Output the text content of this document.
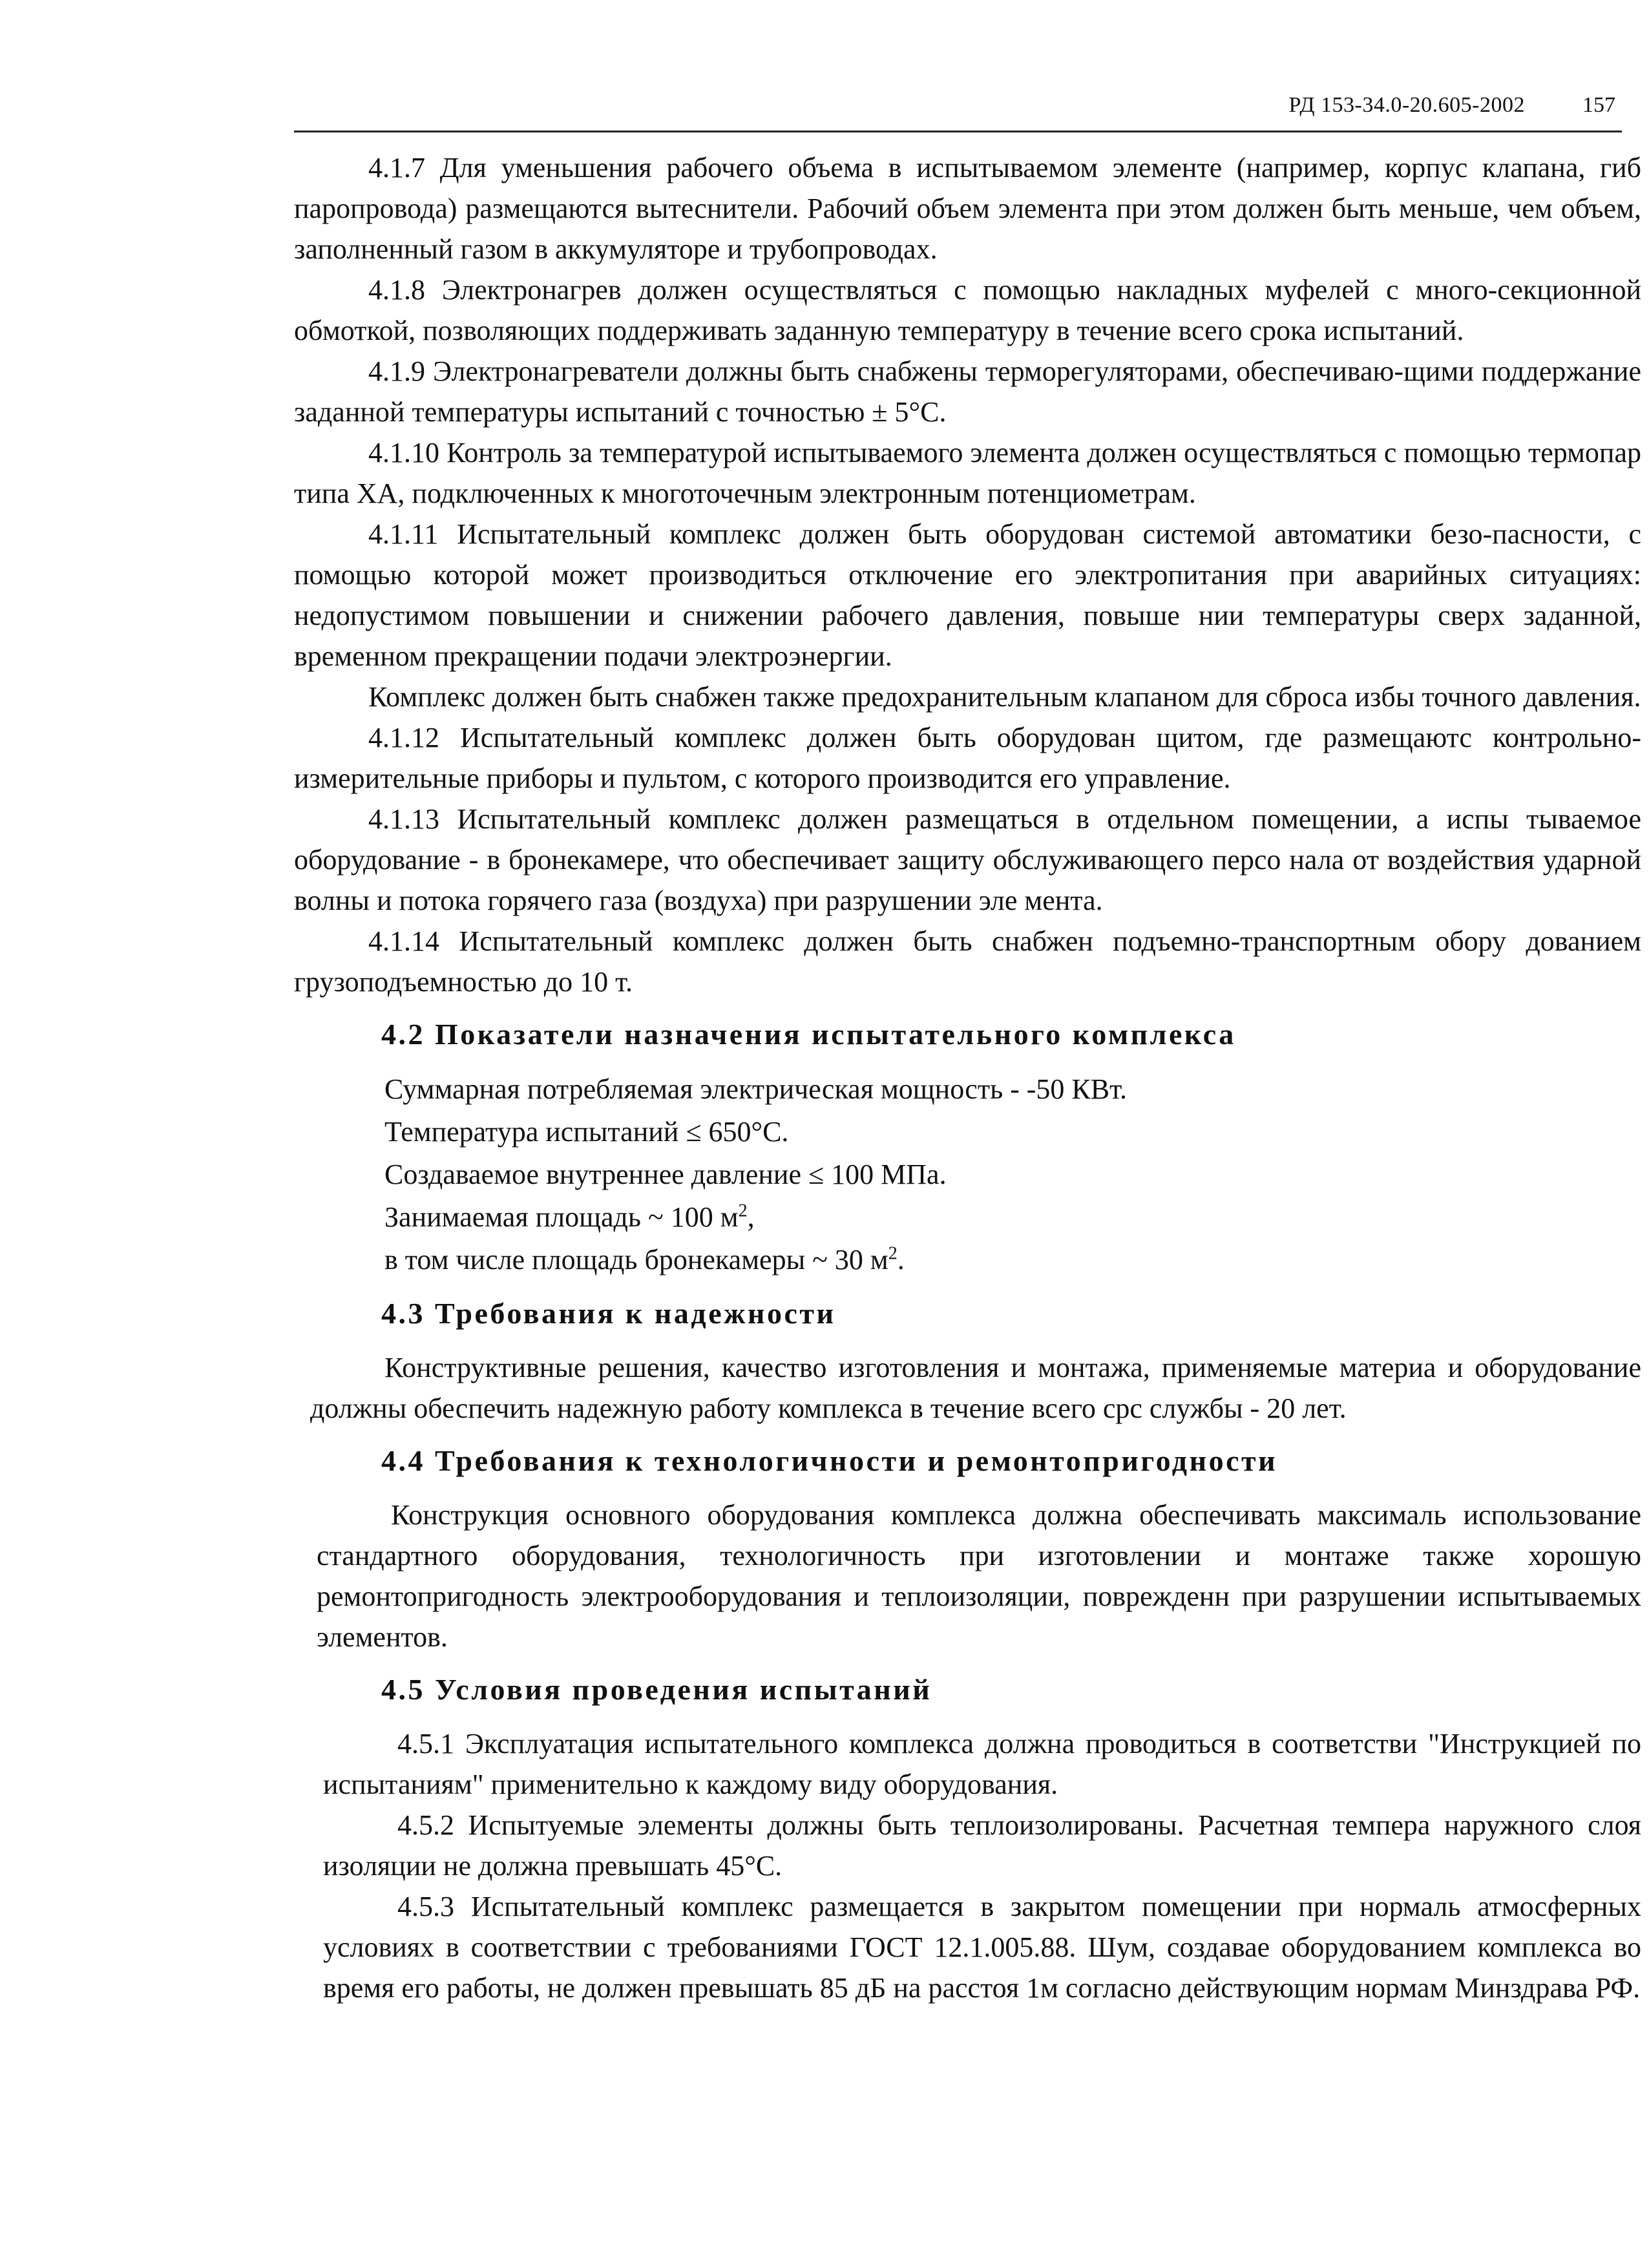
РД 153-34.0-20.605-2002	157

4.1.7 Для уменьшения рабочего объема в испытываемом элементе (например, корпус клапана, гиб паропровода) размещаются вытеснители. Рабочий объем элемента при этом должен быть меньше, чем объем, заполненный газом в аккумуляторе и трубопроводах.

4.1.8 Электронагрев должен осуществляться с помощью накладных муфелей с много-секционной обмоткой, позволяющих поддерживать заданную температуру в течение всего срока испытаний.

4.1.9 Электронагреватели должны быть снабжены терморегуляторами, обеспечиваю-щими поддержание заданной температуры испытаний с точностью ± 5°С.

4.1.10 Контроль за температурой испытываемого элемента должен осуществляться с помощью термопар типа ХА, подключенных к многоточечным электронным потенциометрам.

4.1.11 Испытательный комплекс должен быть оборудован системой автоматики безо-пасности, с помощью которой может производиться отключение его электропитания при аварийных ситуациях: недопустимом повышении и снижении рабочего давления, повыше нии температуры сверх заданной, временном прекращении подачи электроэнергии.

Комплекс должен быть снабжен также предохранительным клапаном для сброса избы точного давления.

4.1.12 Испытательный комплекс должен быть оборудован щитом, где размещаютс контрольно-измерительные приборы и пультом, с которого производится его управление.

4.1.13 Испытательный комплекс должен размещаться в отдельном помещении, а испы тываемое оборудование - в бронекамере, что обеспечивает защиту обслуживающего персо нала от воздействия ударной волны и потока горячего газа (воздуха) при разрушении эле мента.

4.1.14 Испытательный комплекс должен быть снабжен подъемно-транспортным обору дованием грузоподъемностью до 10 т.

4.2 Показатели назначения испытательного комплекса

Суммарная потребляемая электрическая мощность - -50 КВт.

Температура испытаний ≤ 650°С.

Создаваемое внутреннее давление ≤ 100 МПа.

Занимаемая площадь ~ 100 $м^2$,

в том числе площадь бронекамеры ~ 30 $м^2$.

4.3 Требования к надежности

Конструктивные решения, качество изготовления и монтажа, применяемые материа и оборудование должны обеспечить надежную работу комплекса в течение всего срс службы - 20 лет.

4.4 Требования к технологичности и ремонтопригодности

Конструкция основного оборудования комплекса должна обеспечивать максималь использование стандартного оборудования, технологичность при изготовлении и монтаже также хорошую ремонтопригодность электрооборудования и теплоизоляции, поврежденн при разрушении испытываемых элементов.

4.5 Условия проведения испытаний

4.5.1 Эксплуатация испытательного комплекса должна проводиться в соответстви "Инструкцией по испытаниям" применительно к каждому виду оборудования.

4.5.2 Испытуемые элементы должны быть теплоизолированы. Расчетная темпера наружного слоя изоляции не должна превышать 45°С.

4.5.3 Испытательный комплекс размещается в закрытом помещении при нормаль атмосферных условиях в соответствии с требованиями ГОСТ 12.1.005.88. Шум, создавае оборудованием комплекса во время его работы, не должен превышать 85 дБ на расстоя 1м согласно действующим нормам Минздрава РФ.
